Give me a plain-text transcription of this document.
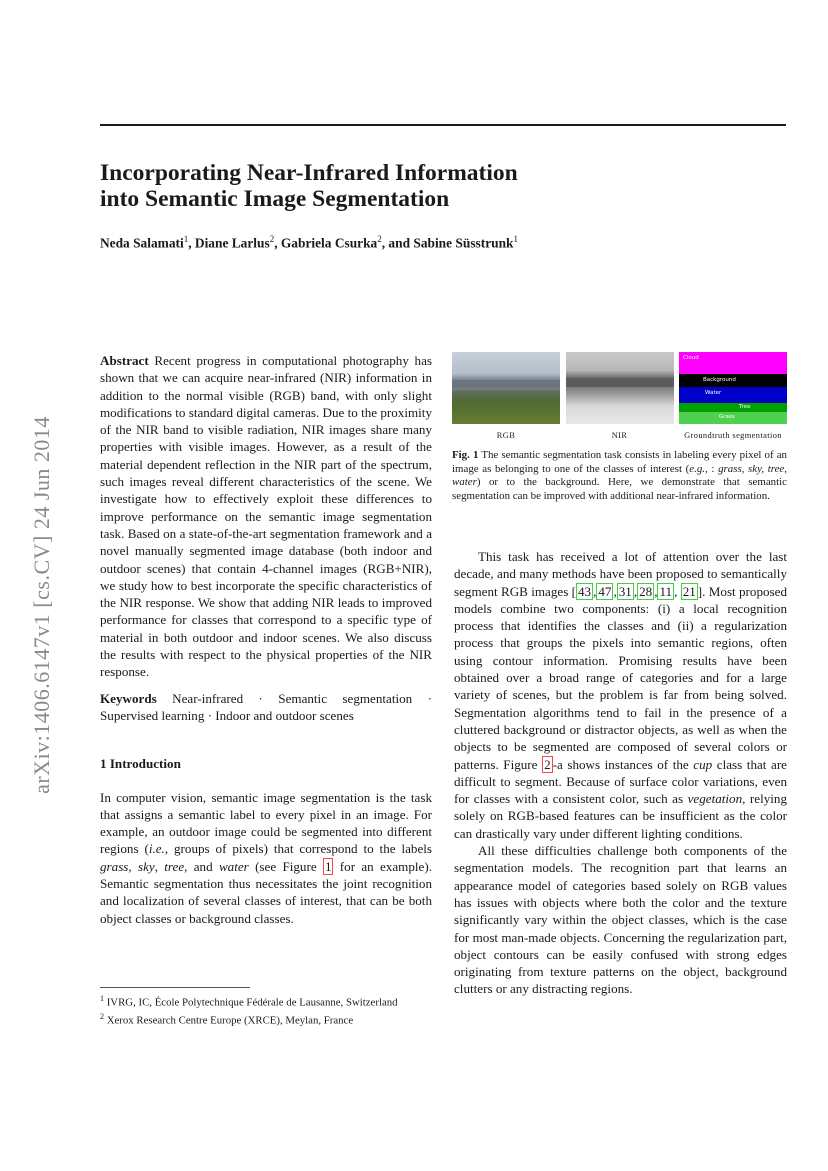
arXiv:1406.6147v1 [cs.CV] 24 Jun 2014
Incorporating Near-Infrared Information
into Semantic Image Segmentation
Neda Salamati$^1$, Diane Larlus$^2$, Gabriela Csurka$^2$, and Sabine Süsstrunk$^1$

Abstract Recent progress in computational photography has shown that we can acquire near-infrared (NIR) information in addition to the normal visible (RGB) band, with only slight modifications to standard digital cameras. Due to the proximity of the NIR band to visible radiation, NIR images share many properties with visible images. However, as a result of the material dependent reflection in the NIR part of the spectrum, such images reveal different characteristics of the scene. We investigate how to effectively exploit these differences to improve performance on the semantic image segmentation task. Based on a state-of-the-art segmentation framework and a novel manually segmented image database (both indoor and outdoor scenes) that contain 4-channel images (RGB+NIR), we study how to best incorporate the specific characteristics of the NIR response. We show that adding NIR leads to improved performance for classes that correspond to a specific type of material in both outdoor and indoor scenes. We also discuss the results with respect to the physical properties of the NIR response.

Keywords Near-infrared · Semantic segmentation · Supervised learning · Indoor and outdoor scenes

1 Introduction

In computer vision, semantic image segmentation is the task that assigns a semantic label to every pixel in an image. For example, an outdoor image could be segmented into different regions (i.e., groups of pixels) that correspond to the labels grass, sky, tree, and water (see Figure 1 for an example). Semantic segmentation thus necessitates the joint recognition and localization of several classes of interest, that can be both object classes or background classes.

$^1$ IVRG, IC, École Polytechnique Fédérale de Lausanne, Switzerland

$^2$ Xerox Research Centre Europe (XRCE), Meylan, France

Cloud
Background
Water
Tree
Grass
RGB	NIR	Groundtruth segmentation
Fig. 1 The semantic segmentation task consists in labeling every pixel of an image as belonging to one of the classes of interest (e.g., : grass, sky, tree, water) or to the background. Here, we demonstrate that semantic segmentation can be improved with additional near-infrared information.

This task has received a lot of attention over the last decade, and many methods have been proposed to semantically segment RGB images [ 43 , 47 , 31 , 28 , 11 , 21 ]. Most proposed models combine two components: (i) a local recognition process that identifies the classes and (ii) a regularization process that groups the pixels into semantic regions, often using contour information. Promising results have been obtained over a broad range of categories and for a large variety of scenes, but the problem is far from being solved. Segmentation algorithms tend to fail in the presence of a cluttered background or distractor objects, as well as when the objects to be segmented are composed of several colors or patterns. Figure 2 -a shows instances of the cup class that are difficult to segment. Because of surface color variations, even for classes with a consistent color, such as vegetation, relying solely on RGB-based features can be insufficient as the color can drastically vary under different lighting conditions.

All these difficulties challenge both components of the segmentation models. The recognition part that learns an appearance model of categories based solely on RGB values has issues with objects where both the color and the texture significantly vary within the object classes, which is the case for most man-made objects. Concerning the regularization part, object contours can be easily confused with strong edges originating from texture patterns on the object, background clutters or any distracting regions.
